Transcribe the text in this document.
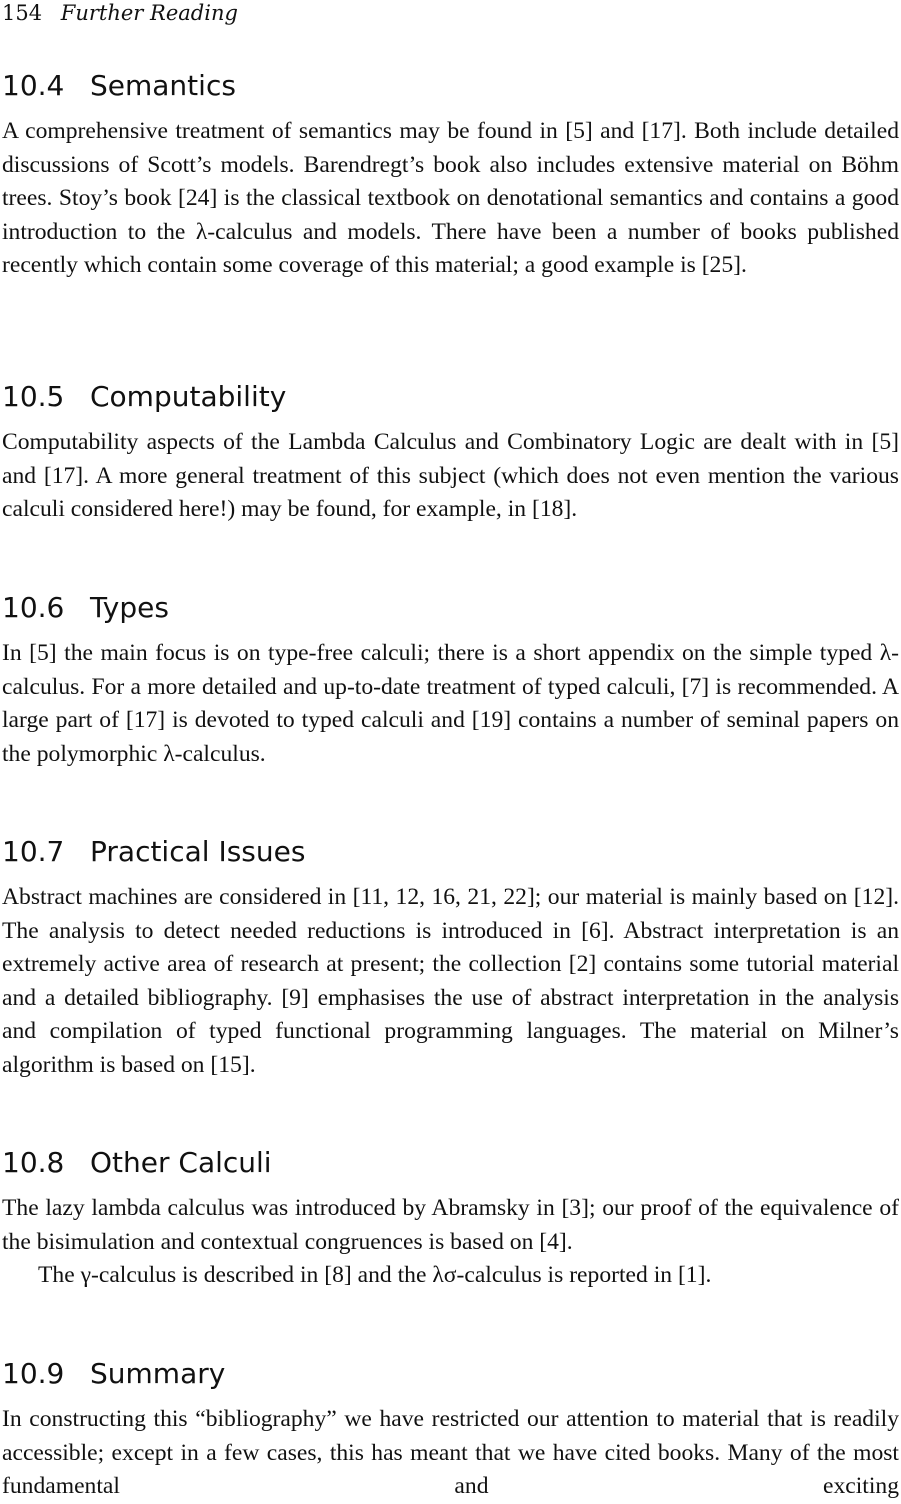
154 Further Reading
10.4 Semantics

A comprehensive treatment of semantics may be found in [5] and [17]. Both include detailed discussions of Scott’s models. Barendregt’s book also includes extensive material on Böhm trees. Stoy’s book [24] is the classical textbook on denotational semantics and contains a good introduction to the λ-calculus and models. There have been a number of books published recently which contain some coverage of this material; a good example is [25].

10.5 Computability

Computability aspects of the Lambda Calculus and Combinatory Logic are dealt with in [5] and [17]. A more general treatment of this subject (which does not even mention the various calculi considered here!) may be found, for example, in [18].

10.6 Types

In [5] the main focus is on type-free calculi; there is a short appendix on the simple typed λ-calculus. For a more detailed and up-to-date treatment of typed calculi, [7] is recommended. A large part of [17] is devoted to typed calculi and [19] contains a number of seminal papers on the polymorphic λ-calculus.

10.7 Practical Issues

Abstract machines are considered in [11, 12, 16, 21, 22]; our material is mainly based on [12]. The analysis to detect needed reductions is introduced in [6]. Abstract interpretation is an extremely active area of research at present; the collection [2] contains some tutorial material and a detailed bibliography. [9] emphasises the use of abstract interpretation in the analysis and compilation of typed functional programming languages. The material on Milner’s algorithm is based on [15].

10.8 Other Calculi

The lazy lambda calculus was introduced by Abramsky in [3]; our proof of the equivalence of the bisimulation and contextual congruences is based on [4].

The γ-calculus is described in [8] and the λσ-calculus is reported in [1].

10.9 Summary

In constructing this “bibliography” we have restricted our attention to material that is readily accessible; except in a few cases, this has meant that we have cited books. Many of the most fundamental and exciting
